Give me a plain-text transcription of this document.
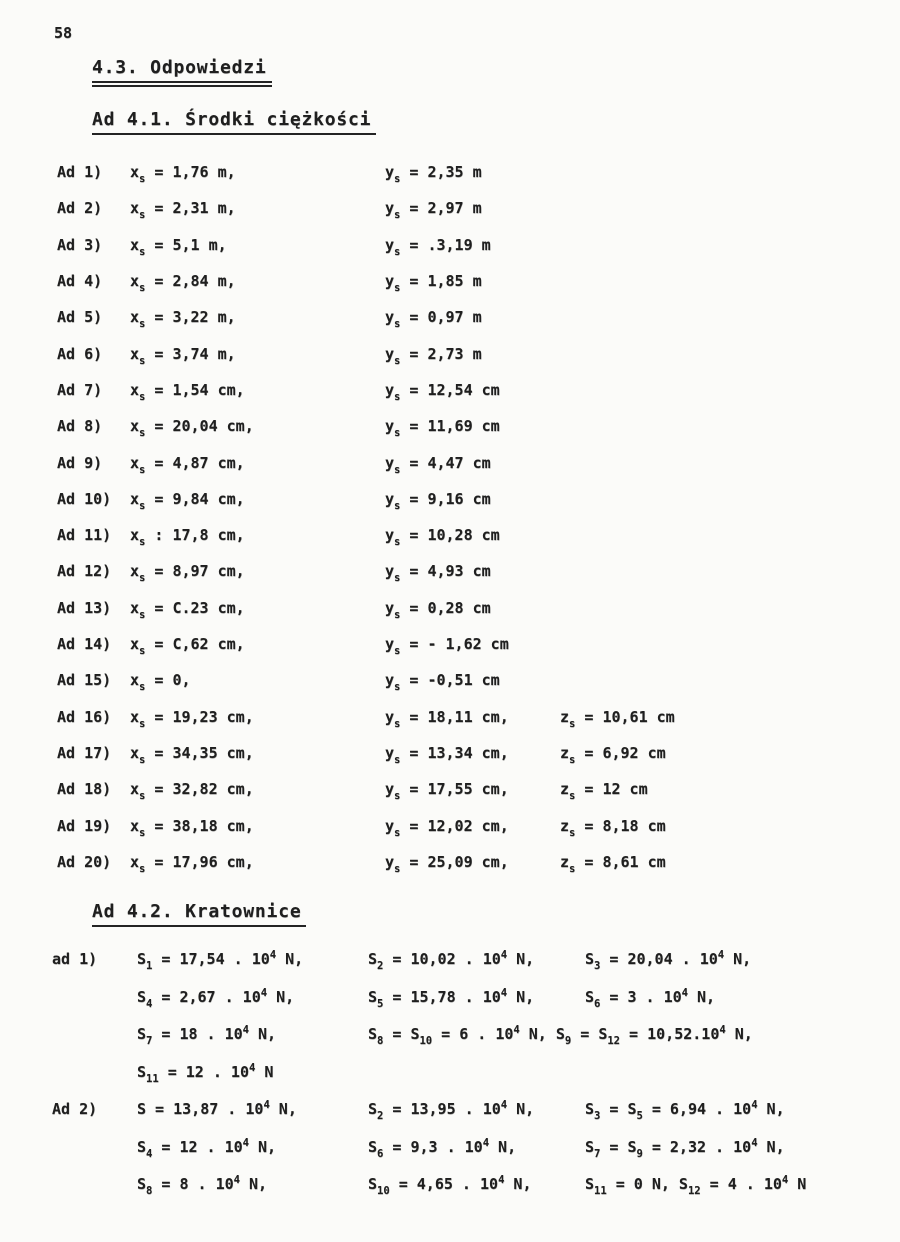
58
4.3. Odpowiedzi
Ad 4.1. Środki ciężkości
Ad 1)	$x_s = 1,76$ m,	$y_s = 2,35$ m
Ad 2)	$x_s = 2,31$ m,	$y_s = 2,97$ m
Ad 3)	$x_s = 5,1$ m,	$y_s = .3,19$ m
Ad 4)	$x_s = 2,84$ m,	$y_s = 1,85$ m
Ad 5)	$x_s = 3,22$ m,	$y_s = 0,97$ m
Ad 6)	$x_s = 3,74$ m,	$y_s = 2,73$ m
Ad 7)	$x_s = 1,54$ cm,	$y_s = 12,54$ cm
Ad 8)	$x_s = 20,04$ cm,	$y_s = 11,69$ cm
Ad 9)	$x_s = 4,87$ cm,	$y_s = 4,47$ cm
Ad 10)	$x_s = 9,84$ cm,	$y_s = 9,16$ cm
Ad 11)	$x_s$ : 17,8 cm,	$y_s = 10,28$ cm
Ad 12)	$x_s = 8,97$ cm,	$y_s = 4,93$ cm
Ad 13)	$x_s = C.23$ cm,	$y_s = 0,28$ cm
Ad 14)	$x_s = C,62$ cm,	$y_s$ = - 1,62 cm
Ad 15)	$x_s = 0$,	$y_s = -0,51$ cm
Ad 16)	$x_s = 19,23$ cm,	$y_s = 18,11$ cm,	$z_s = 10,61$ cm
Ad 17)	$x_s = 34,35$ cm,	$y_s = 13,34$ cm,	$z_s = 6,92$ cm
Ad 18)	$x_s = 32,82$ cm,	$y_s = 17,55$ cm,	$z_s = 12$ cm
Ad 19)	$x_s = 38,18$ cm,	$y_s = 12,02$ cm,	$z_s = 8,18$ cm
Ad 20)	$x_s = 17,96$ cm,	$y_s = 25,09$ cm,	$z_s = 8,61$ cm
Ad 4.2. Kratownice
ad 1)	$S_1 = 17,54$ . $10^4$ N,	$S_2 = 10,02$ . $10^4$ N,	$S_3 = 20,04$ . $10^4$ N,
$S_4 = 2,67$ . $10^4$ N,	$S_5 = 15,78$ . $10^4$ N,	$S_6 = 3$ . $10^4$ N,
$S_7 = 18$ . $10^4$ N,	$S_8 = S_{10} = 6$ . $10^4$ N, $S_9 = S_{12} = 10,52.10^4$ N,
$S_{11} = 12$ . $10^4$ N
Ad 2)	S = 13,87 . $10^4$ N,	$S_2 = 13,95$ . $10^4$ N,	$S_3 = S_5 = 6,94$ . $10^4$ N,
$S_4 = 12$ . $10^4$ N,	$S_6 = 9,3$ . $10^4$ N,	$S_7 = S_9 = 2,32$ . $10^4$ N,
$S_8 = 8$ . $10^4$ N,	$S_{10} = 4,65$ . $10^4$ N,	$S_{11} = 0$ N, $S_{12} = 4$ . $10^4$ N
